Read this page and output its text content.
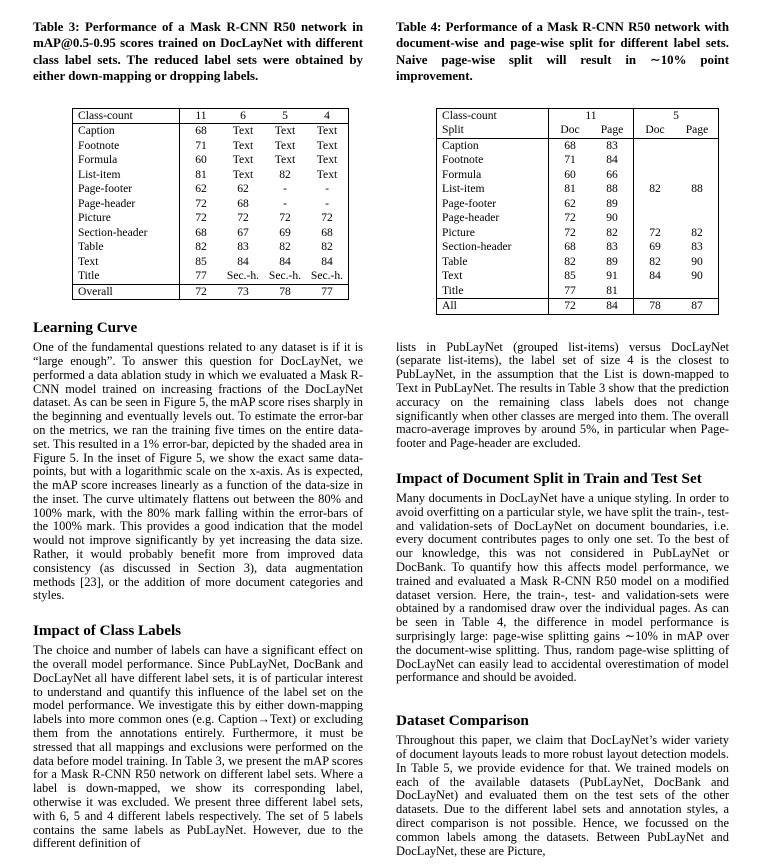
Table 3: Performance of a Mask R-CNN R50 network in mAP@0.5-0.95 scores trained on DocLayNet with different class label sets. The reduced label sets were obtained by either down-mapping or dropping labels.

Class-count	11	6	5	4
Caption	68	Text	Text	Text
Footnote	71	Text	Text	Text
Formula	60	Text	Text	Text
List-item	81	Text	82	Text
Page-footer	62	62	-	-
Page-header	72	68	-	-
Picture	72	72	72	72
Section-header	68	67	69	68
Table	82	83	82	82
Text	85	84	84	84
Title	77	Sec.-h.	Sec.-h.	Sec.-h.
Overall	72	73	78	77
Learning Curve

One of the fundamental questions related to any dataset is if it is “large enough”. To answer this question for DocLayNet, we performed a data ablation study in which we evaluated a Mask R-CNN model trained on increasing fractions of the DocLayNet dataset. As can be seen in Figure 5, the mAP score rises sharply in the beginning and eventually levels out. To estimate the error-bar on the metrics, we ran the training five times on the entire data-set. This resulted in a 1% error-bar, depicted by the shaded area in Figure 5. In the inset of Figure 5, we show the exact same data-points, but with a logarithmic scale on the x-axis. As is expected, the mAP score increases linearly as a function of the data-size in the inset. The curve ultimately flattens out between the 80% and 100% mark, with the 80% mark falling within the error-bars of the 100% mark. This provides a good indication that the model would not improve significantly by yet increasing the data size. Rather, it would probably benefit more from improved data consistency (as discussed in Section 3), data augmentation methods [23], or the addition of more document categories and styles.

Impact of Class Labels

The choice and number of labels can have a significant effect on the overall model performance. Since PubLayNet, DocBank and DocLayNet all have different label sets, it is of particular interest to understand and quantify this influence of the label set on the model performance. We investigate this by either down-mapping labels into more common ones (e.g. Caption→Text) or excluding them from the annotations entirely. Furthermore, it must be stressed that all mappings and exclusions were performed on the data before model training. In Table 3, we present the mAP scores for a Mask R-CNN R50 network on different label sets. Where a label is down-mapped, we show its corresponding label, otherwise it was excluded. We present three different label sets, with 6, 5 and 4 different labels respectively. The set of 5 labels contains the same labels as PubLayNet. However, due to the different definition of

Table 4: Performance of a Mask R-CNN R50 network with document-wise and page-wise split for different label sets. Naive page-wise split will result in ∼10% point improvement.

Class-count	11		5	
Split	Doc	Page	Doc	Page
Caption	68	83		
Footnote	71	84		
Formula	60	66		
List-item	81	88	82	88
Page-footer	62	89		
Page-header	72	90		
Picture	72	82	72	82
Section-header	68	83	69	83
Table	82	89	82	90
Text	85	91	84	90
Title	77	81		
All	72	84	78	87

lists in PubLayNet (grouped list-items) versus DocLayNet (separate list-items), the label set of size 4 is the closest to PubLayNet, in the assumption that the List is down-mapped to Text in PubLayNet. The results in Table 3 show that the prediction accuracy on the remaining class labels does not change significantly when other classes are merged into them. The overall macro-average improves by around 5%, in particular when Page-footer and Page-header are excluded.

Impact of Document Split in Train and Test Set

Many documents in DocLayNet have a unique styling. In order to avoid overfitting on a particular style, we have split the train-, test- and validation-sets of DocLayNet on document boundaries, i.e. every document contributes pages to only one set. To the best of our knowledge, this was not considered in PubLayNet or DocBank. To quantify how this affects model performance, we trained and evaluated a Mask R-CNN R50 model on a modified dataset version. Here, the train-, test- and validation-sets were obtained by a randomised draw over the individual pages. As can be seen in Table 4, the difference in model performance is surprisingly large: page-wise splitting gains ∼10% in mAP over the document-wise splitting. Thus, random page-wise splitting of DocLayNet can easily lead to accidental overestimation of model performance and should be avoided.

Dataset Comparison

Throughout this paper, we claim that DocLayNet’s wider variety of document layouts leads to more robust layout detection models. In Table 5, we provide evidence for that. We trained models on each of the available datasets (PubLayNet, DocBank and DocLayNet) and evaluated them on the test sets of the other datasets. Due to the different label sets and annotation styles, a direct comparison is not possible. Hence, we focussed on the common labels among the datasets. Between PubLayNet and DocLayNet, these are Picture,
